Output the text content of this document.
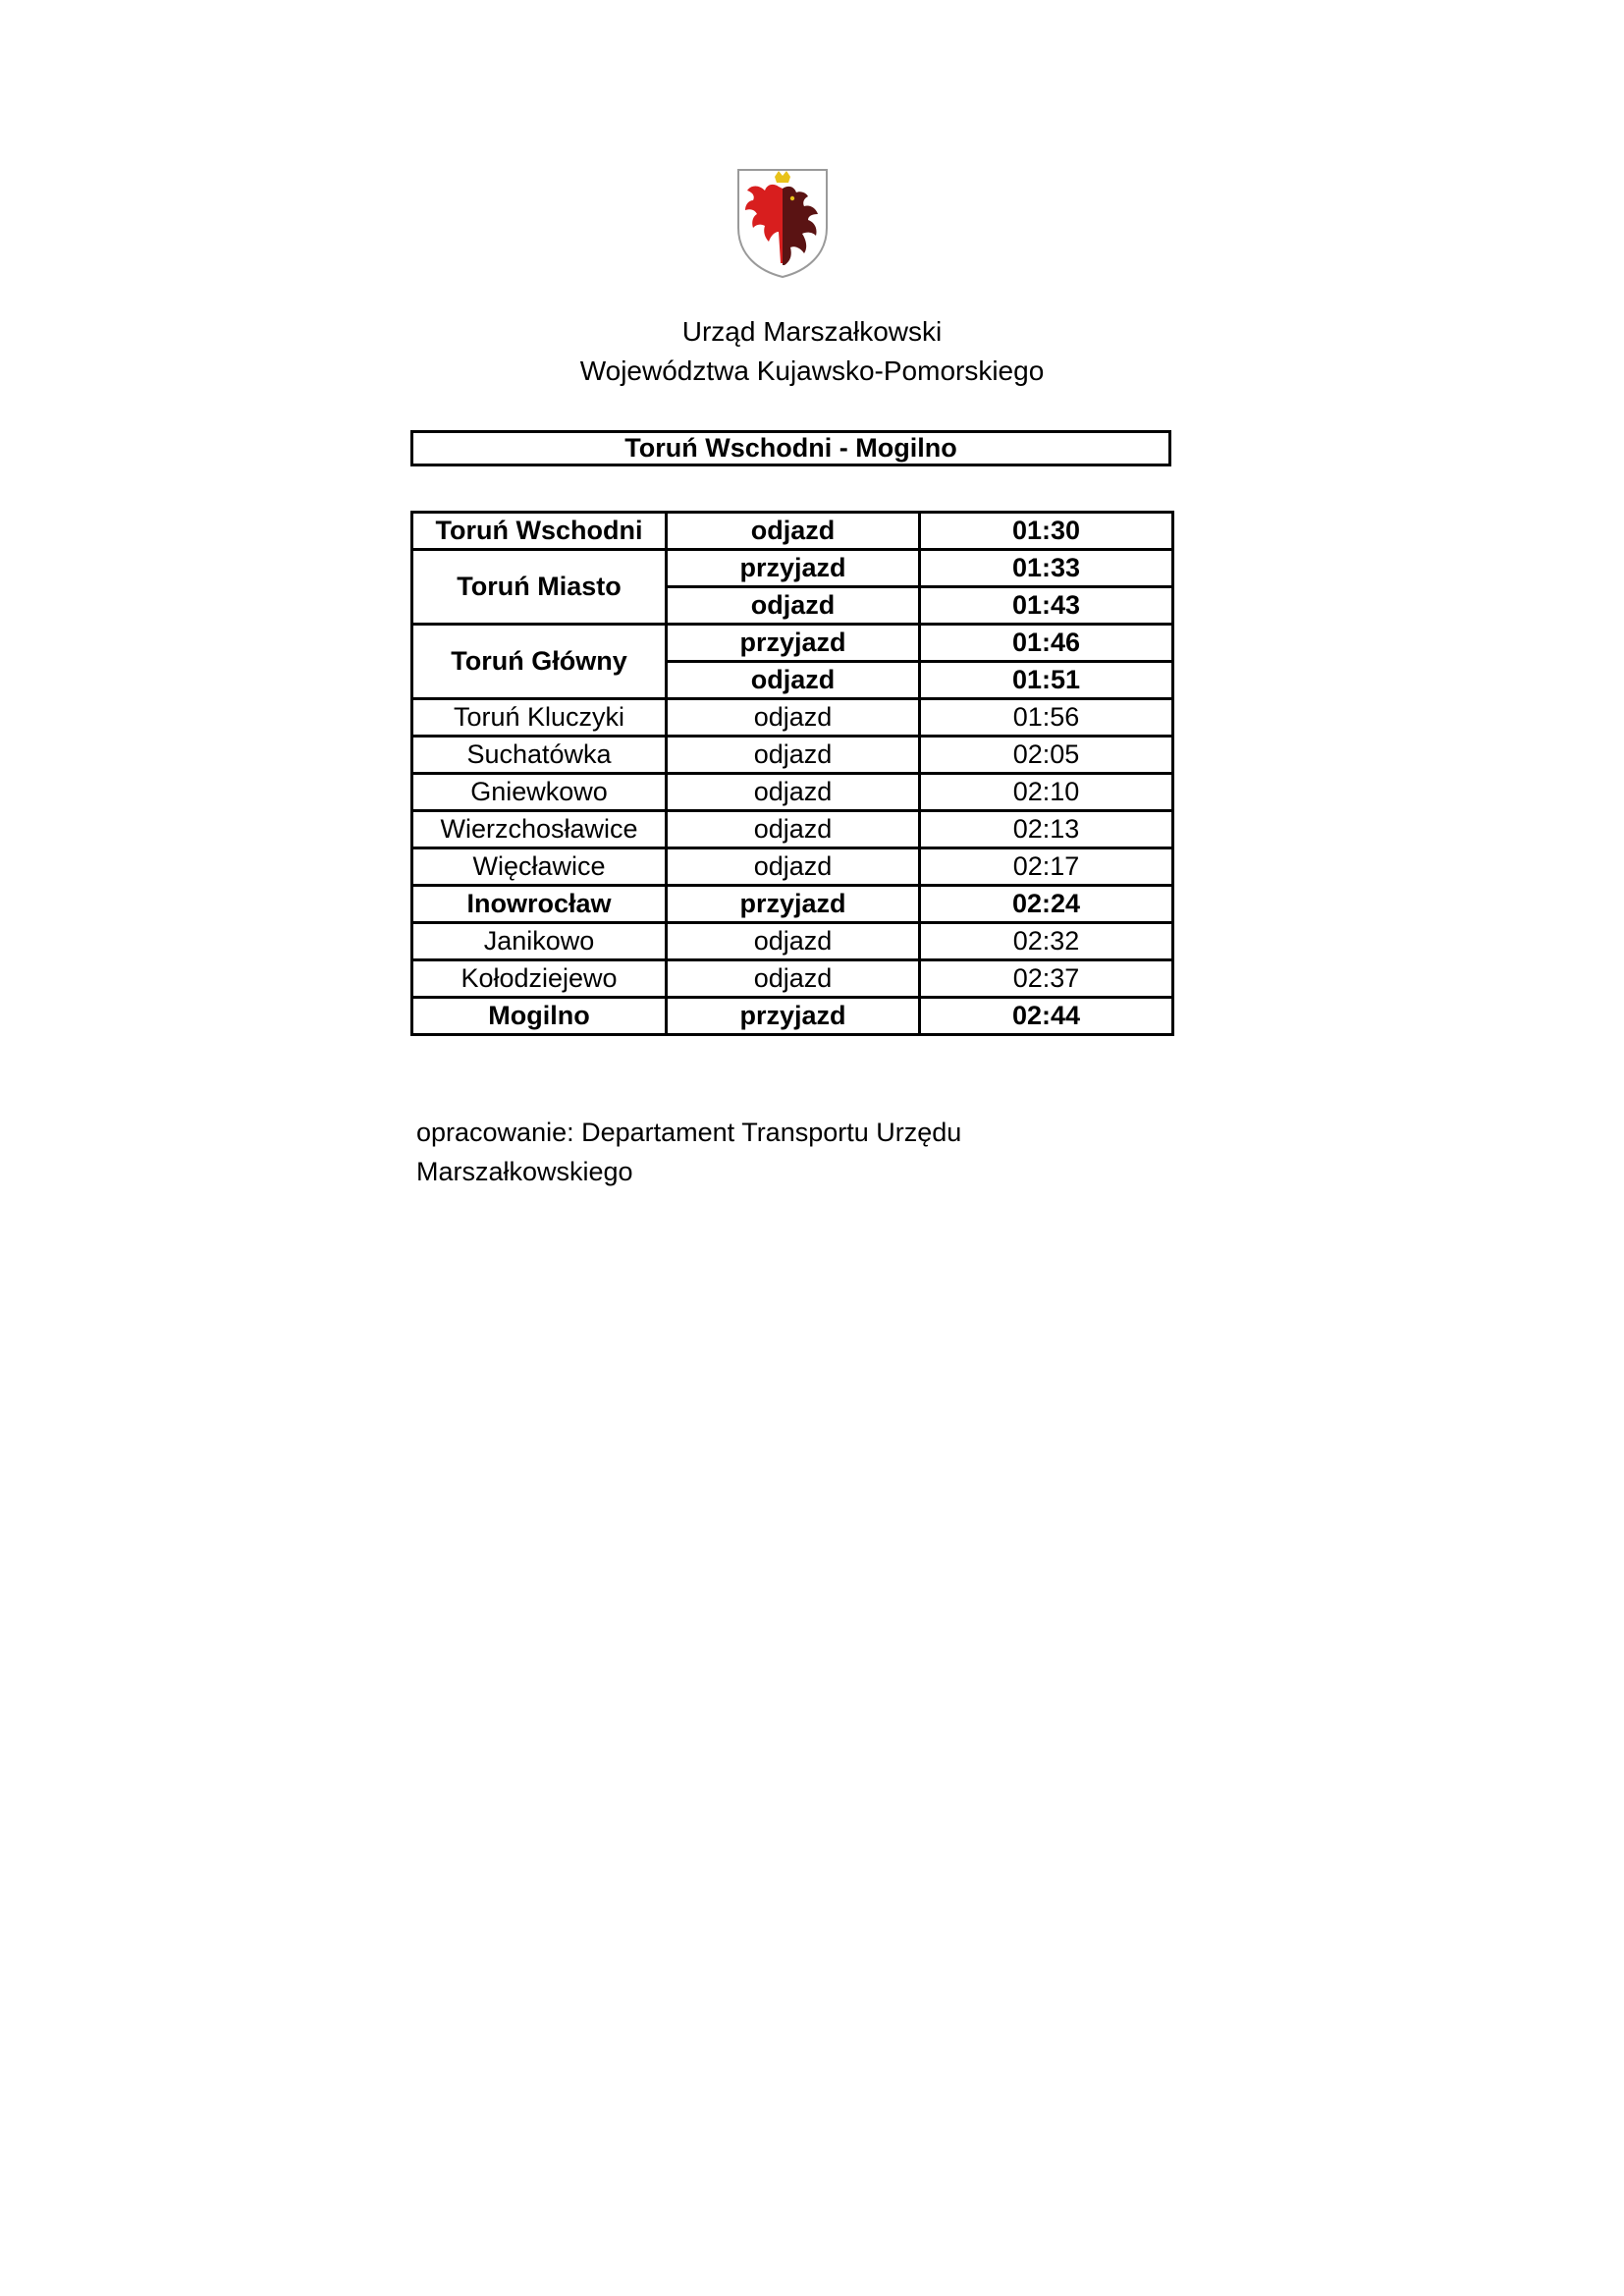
Urząd Marszałkowski
Województwa Kujawsko-Pomorskiego
Toruń Wschodni - Mogilno
Toruń Wschodni	odjazd	01:30
Toruń Miasto	przyjazd	01:33
	odjazd	01:43
Toruń Główny	przyjazd	01:46
	odjazd	01:51
Toruń Kluczyki	odjazd	01:56
Suchatówka	odjazd	02:05
Gniewkowo	odjazd	02:10
Wierzchosławice	odjazd	02:13
Więcławice	odjazd	02:17
Inowrocław	przyjazd	02:24
Janikowo	odjazd	02:32
Kołodziejewo	odjazd	02:37
Mogilno	przyjazd	02:44
opracowanie: Departament Transportu Urzędu
Marszałkowskiego
